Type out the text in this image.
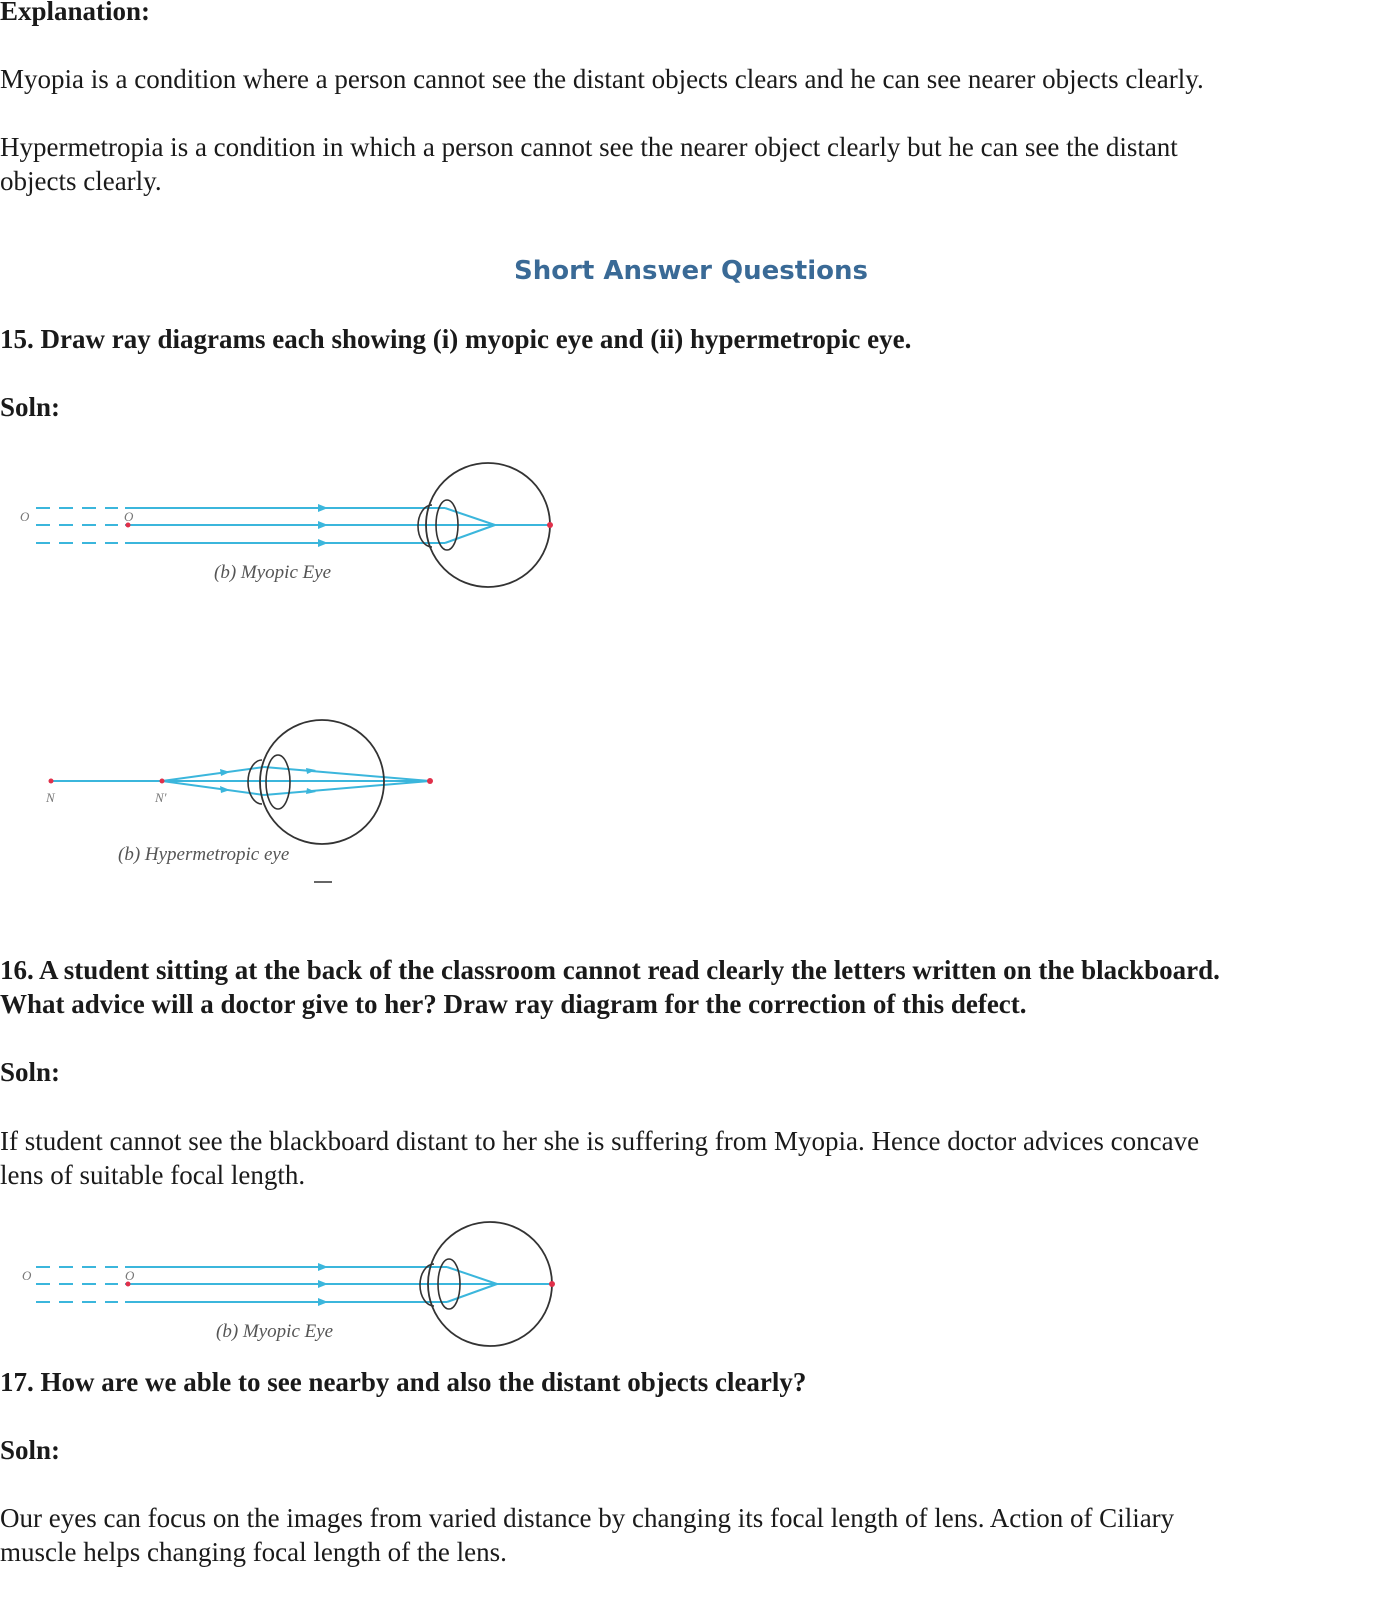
Explanation:

Myopia is a condition where a person cannot see the distant objects clears and he can see nearer objects clearly.

Hypermetropia is a condition in which a person cannot see the nearer object clearly but he can see the distant

objects clearly.

Short Answer Questions

15. Draw ray diagrams each showing (i) myopic eye and (ii) hypermetropic eye.

Soln:

O	O
(b) Myopic Eye
N	N'
(b) Hypermetropic eye

16. A student sitting at the back of the classroom cannot read clearly the letters written on the blackboard.

What advice will a doctor give to her? Draw ray diagram for the correction of this defect.

Soln:

If student cannot see the blackboard distant to her she is suffering from Myopia. Hence doctor advices concave

lens of suitable focal length.

O	O
(b) Myopic Eye

17. How are we able to see nearby and also the distant objects clearly?

Soln:

Our eyes can focus on the images from varied distance by changing its focal length of lens. Action of Ciliary

muscle helps changing focal length of the lens.
